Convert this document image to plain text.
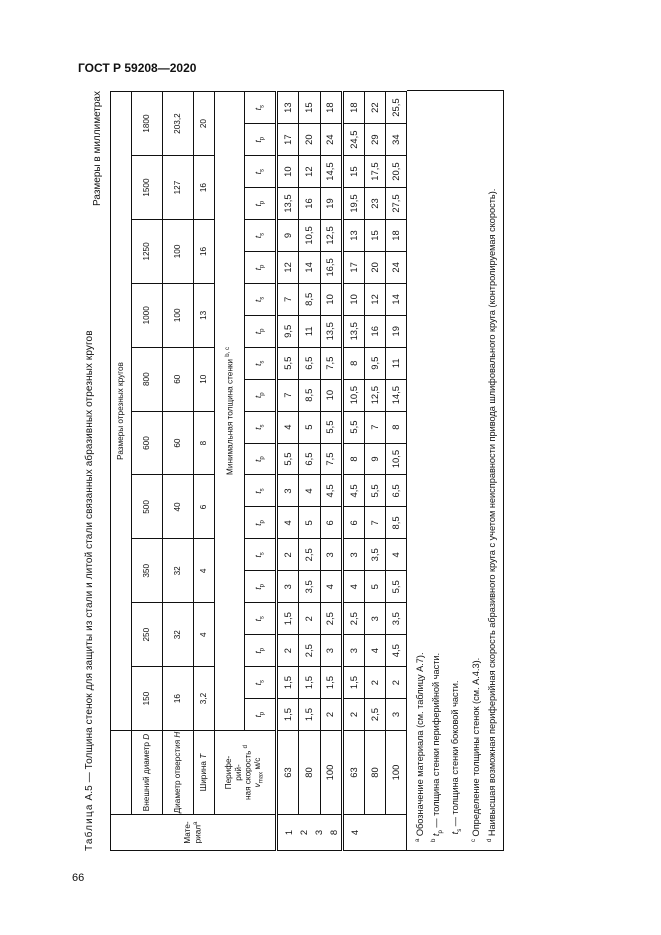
ГОСТ Р 59208—2020
Таблица А.5 — Толщина стенок для защиты из стали и литой стали связанных абразивных отрезных кругов
Размеры в миллиметрах
Мате-
риал$^a$		Размеры отрезных кругов																			
	Внешний диаметр D	150		250		350		500		600		800		1000		1250		1500		1800	
	Диаметр отверстия H	16		32		32		40		60		60		100		100		127		203,2	
	Ширина T	3,2		4		4		6		8		10		13		16		16		20	
	Перифе-
рий-
ная скорость $^d$
$v_{max}$ м/с	Минимальная толщина стенки $^{b, c}$
		$t_p$	$t_s$	$t_p$	$t_s$	$t_p$	$t_s$	$t_p$	$t_s$	$t_p$	$t_s$	$t_p$	$t_s$	$t_p$	$t_s$	$t_p$	$t_s$	$t_p$	$t_s$	$t_p$	$t_s$
1 2 3 8	63	1,5	1,5	2	1,5	3	2	4	3	5,5	4	7	5,5	9,5	7	12	9	13,5	10	17	13
	80	1,5	1,5	2,5	2	3,5	2,5	5	4	6,5	5	8,5	6,5	11	8,5	14	10,5	16	12	20	15
	100	2	1,5	3	2,5	4	3	6	4,5	7,5	5,5	10	7,5	13,5	10	16,5	12,5	19	14,5	24	18
4	63	2	1,5	3	2,5	4	3	6	4,5	8	5,5	10,5	8	13,5	10	17	13	19,5	15	24,5	18
	80	2,5	2	4	3	5	3,5	7	5,5	9	7	12,5	9,5	16	12	20	15	23	17,5	29	22
	100	3	2	4,5	3,5	5,5	4	8,5	6,5	10,5	8	14,5	11	19	14	24	18	27,5	20,5	34	25,5
$^a$ Обозначение материала (см. таблицу А.7).
$^b$ $t_p$ — толщина стенки периферийной части.
$t_s$ — толщина стенки боковой части.
$^c$ Определение толщины стенок (см. А.4.3).
$^d$ Наивысшая возможная периферийная скорость абразивного круга с учетом неисправности привода шлифовального круга (контролируемая скорость).
66
